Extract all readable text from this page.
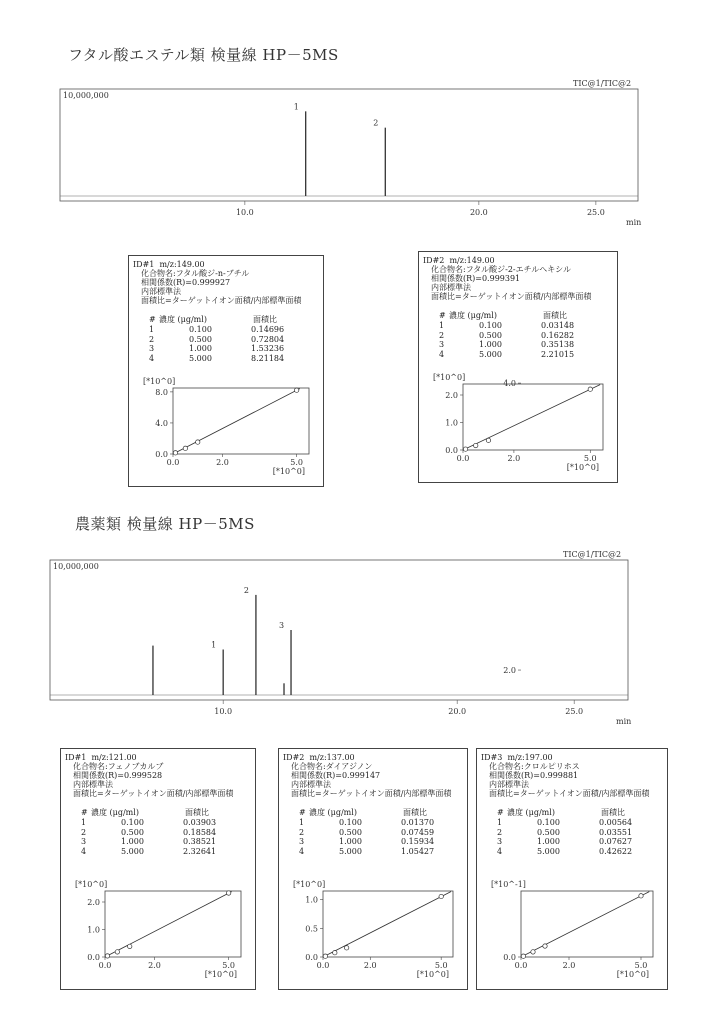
フタル酸エステル類 検量線 HP－5MS
TIC@1/TIC@2
10,000,000
10.0	20.0	25.0
min
1
2
農薬類 検量線 HP－5MS
TIC@1/TIC@2
10,000,000
10.0	20.0	25.0
min
1
2
3
ID#1  m/z:149.00
化合物名:フタル酸ジ-n-ブチル
相関係数(R)=0.999927
内部標準法
面積比=ターゲットイオン面積/内部標準面積
# 濃度 (μg/ml)	面積比
1	0.100	0.14696
2	0.500	0.72804
3	1.000	1.53236
4	5.000	8.21184
[*10^0]
0.0
4.0
8.0
0.0	2.0	5.0
[*10^0]
ID#2  m/z:149.00
化合物名:フタル酸ジ-2-エチルヘキシル
相関係数(R)=0.999391
内部標準法
面積比=ターゲットイオン面積/内部標準面積
# 濃度 (μg/ml)	面積比
1	0.100	0.03148
2	0.500	0.16282
3	1.000	0.35138
4	5.000	2.21015
[*10^0]
0.0
1.0
2.0
0.0	2.0	5.0
[*10^0]
ID#1  m/z:121.00
化合物名:フェノブカルブ
相関係数(R)=0.999528
内部標準法
面積比=ターゲットイオン面積/内部標準面積
# 濃度 (μg/ml)	面積比
1	0.100	0.03903
2	0.500	0.18584
3	1.000	0.38521
4	5.000	2.32641
[*10^0]
0.0
1.0
2.0
0.0	2.0	5.0
[*10^0]
ID#2  m/z:137.00
化合物名:ダイアジノン
相関係数(R)=0.999147
内部標準法
面積比=ターゲットイオン面積/内部標準面積
# 濃度 (μg/ml)	面積比
1	0.100	0.01370
2	0.500	0.07459
3	1.000	0.15934
4	5.000	1.05427
[*10^0]
0.0
0.5
1.0
0.0	2.0	5.0
[*10^0]
ID#3  m/z:197.00
化合物名:クロルピリホス
相関係数(R)=0.999881
内部標準法
面積比=ターゲットイオン面積/内部標準面積
# 濃度 (μg/ml)	面積比
1	0.100	0.00564
2	0.500	0.03551
3	1.000	0.07627
4	5.000	0.42622
[*10^-1]
0.0
2.0
4.0
0.0	2.0	5.0
[*10^0]
